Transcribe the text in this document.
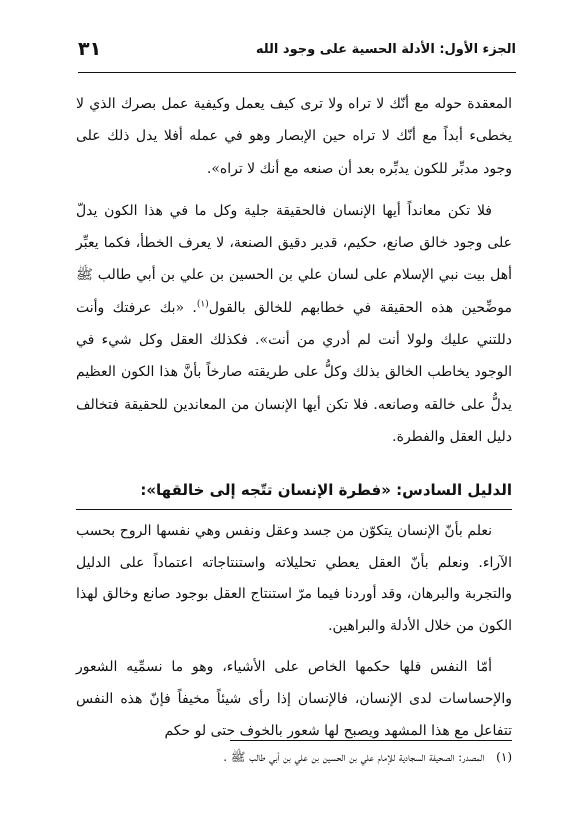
الجزء الأول: الأدلة الحسية على وجود الله
٣١

المعقدة حوله مع أنّك لا تراه ولا ترى كيف يعمل وكيفية عمل بصرك الذي لا يخطىء أبداً مع أنّك لا تراه حين الإبصار وهو في عمله أفلا يدل ذلك على وجود مدبِّر للكون يدبِّره بعد أن صنعه مع أنك لا تراه».

فلا تكن معانداً أيها الإنسان فالحقيقة جلية وكل ما في هذا الكون يدلّ على وجود خالق صانع، حكيم، قدير دقيق الصنعة، لا يعرف الخطأ، فكما يعبِّر أهل بيت نبي الإسلام على لسان علي بن الحسين بن علي بن أبي طالب ﷺ موضِّحين هذه الحقيقة في خطابهم للخالق بالقول$^{(١)}$. «بك عرفتك وأنت دللتني عليك ولولا أنت لم أدري من أنت». فكذلك العقل وكل شيء في الوجود يخاطب الخالق بذلك وكلُّ على طريقته صارخاً بأنَّ هذا الكون العظيم يدلُّ على خالقه وصانعه. فلا تكن أيها الإنسان من المعاندين للحقيقة فتخالف دليل العقل والفطرة.

الدليل السادس: «فطرة الإنسان تتّجه إلى خالقها»:

نعلم بأنّ الإنسان يتكوّن من جسد وعقل ونفس وهي نفسها الروح بحسب الآراء. ونعلم بأنّ العقل يعطي تحليلاته واستنتاجاته اعتماداً على الدليل والتجربة والبرهان، وقد أوردنا فيما مرّ استنتاج العقل بوجود صانع وخالق لهذا الكون من خلال الأدلة والبراهين.

أمّا النفس فلها حكمها الخاص على الأشياء، وهو ما نسمِّيه الشعور والإحساسات لدى الإنسان، فالإنسان إذا رأى شيئاً مخيفاً فإنّ هذه النفس تتفاعل مع هذا المشهد ويصبح لها شعور بالخوف حتى لو حكم

(١) المصدر: الصحيفة السجادية للإمام علي بن الحسين بن علي بن أبي طالب ﷺ .
